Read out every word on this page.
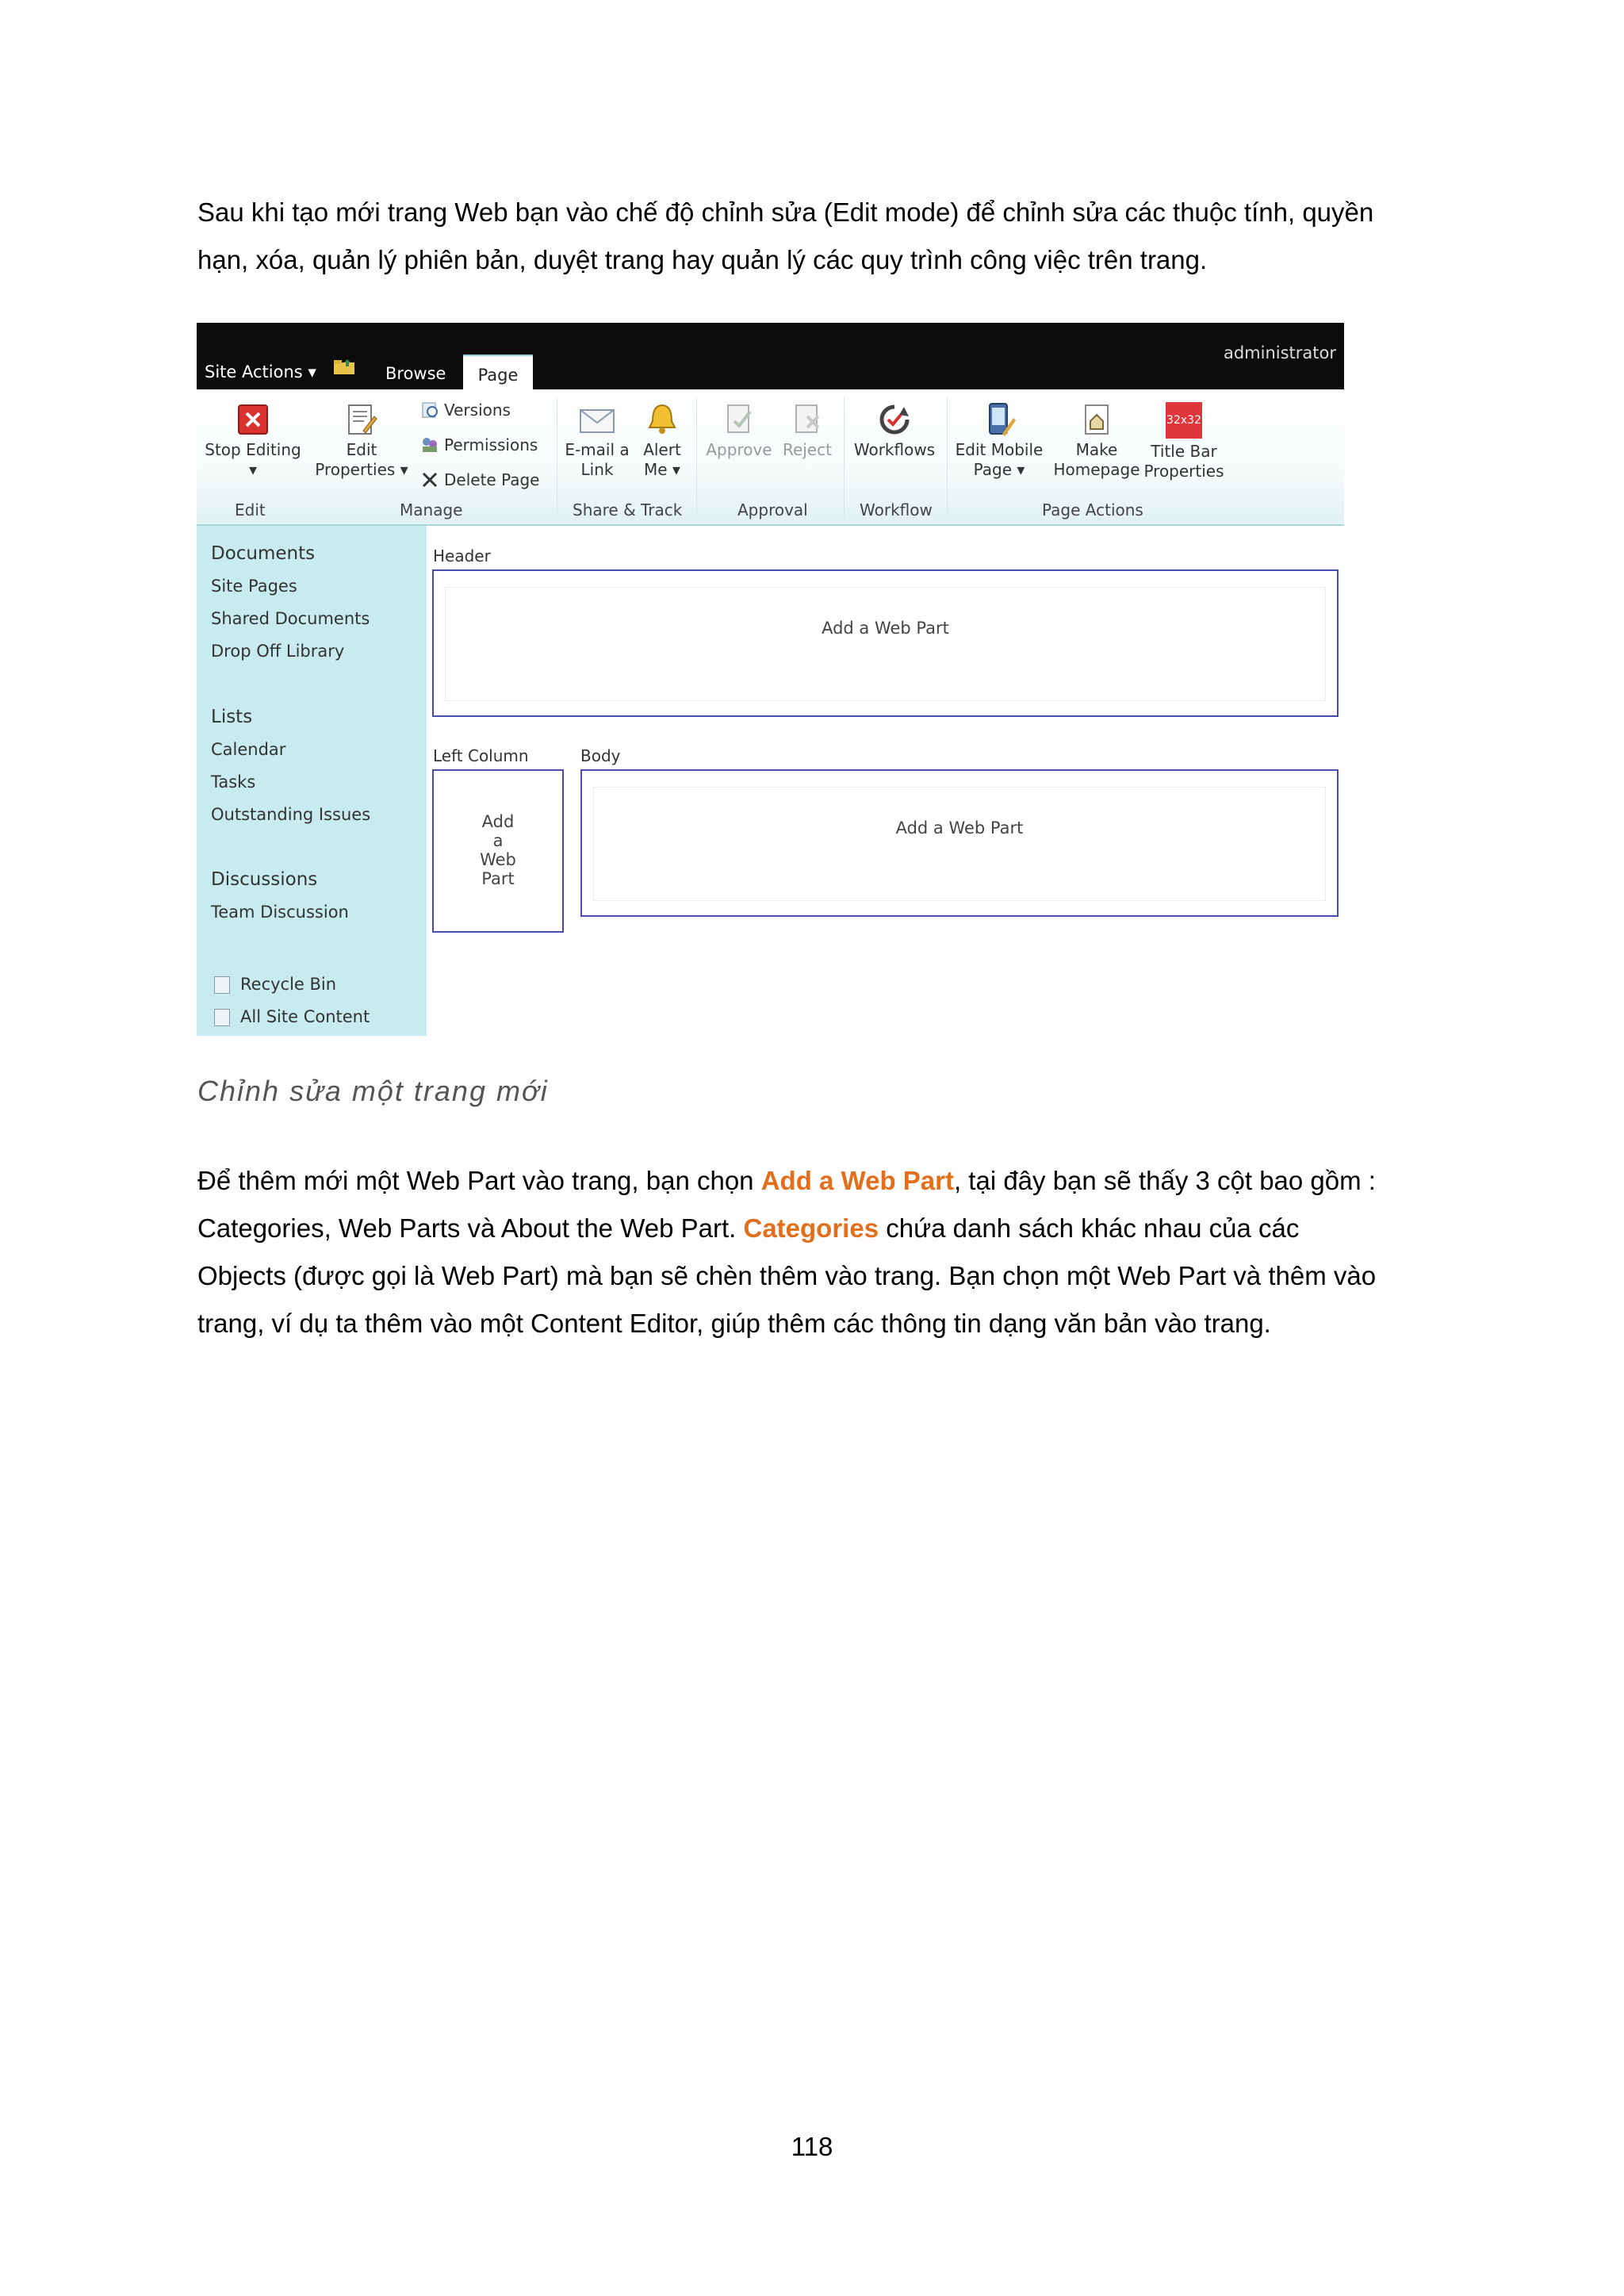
Sau khi tạo mới trang Web bạn vào chế độ chỉnh sửa (Edit mode) để chỉnh sửa các thuộc tính, quyền
hạn, xóa, quản lý phiên bản, duyệt trang hay quản lý các quy trình công việc trên trang.

Site Actions ▾	Browse	Page
administrator
Stop Editing
▾
Edit
Properties ▾
Versions
Permissions
Delete Page
E-mail a
Link
Alert
Me ▾
Approve Reject	Workflows	Edit Mobile
Page ▾
Make
Homepage
32x32
Title Bar
Properties
Edit	Manage	Share & Track	Approval	Workflow	Page Actions
Documents
Site Pages
Shared Documents
Drop Off Library
Lists
Calendar
Tasks
Outstanding Issues
Discussions
Team Discussion
Recycle Bin
All Site Content
Header
Add a Web Part
Left Column
Add
a
Web
Part
Body
Add a Web Part

Chỉnh sửa một trang mới

Để thêm mới một Web Part vào trang, bạn chọn Add a Web Part, tại đây bạn sẽ thấy 3 cột bao gồm :
Categories, Web Parts và About the Web Part. Categories chứa danh sách khác nhau của các
Objects (được gọi là Web Part) mà bạn sẽ chèn thêm vào trang. Bạn chọn một Web Part và thêm vào
trang, ví dụ ta thêm vào một Content Editor, giúp thêm các thông tin dạng văn bản vào trang.

118
